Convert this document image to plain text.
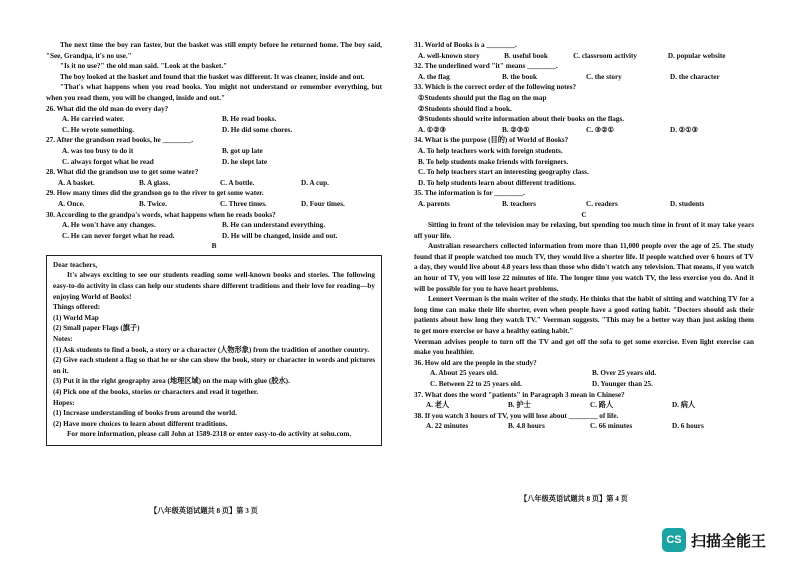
The next time the boy ran faster, but the basket was still empty before he returned home. The boy said, "See, Grandpa, it's no use."

"Is it no use?" the old man said. "Look at the basket."

The boy looked at the basket and found that the basket was different. It was cleaner, inside and out.

"That's what happens when you read books. You might not understand or remember everything, but when you read them, you will be changed, inside and out."

26. What did the old man do every day?

A. He carried water.	B. He read books.
C. He wrote something.	D. He did some chores.

27. After the grandson read books, he ________.

A. was too busy to do it	B. got up late
C. always forgot what he read	D. he slept late

28. What did the grandson use to get some water?

A. A basket.	B. A glass.	C. A bottle.	D. A cup.

29. How many times did the grandson go to the river to get some water.

A. Once.	B. Twice.	C. Three times.	D. Four times.

30. According to the grandpa's words, what happens when he reads books?

A. He won't have any changes.	B. He can understand everything.
C. He can never forget what he read.	D. He will be changed, inside and out.

B

Dear teachers,

It's always exciting to see our students reading some well-known books and stories. The following easy-to-do activity in class can help our students share different traditions and their love for reading—by enjoying World of Books!

Things offered:

(1) World Map

(2) Small paper Flags (旗子)

Notes:

(1) Ask students to find a book, a story or a character (人物形象) from the tradition of another country.

(2) Give each student a flag so that he or she can show the book, story or character in words and pictures on it.

(3) Put it in the right geography area (地理区域) on the map with glue (胶水).

(4) Pick one of the books, stories or characters and read it together.

Hopes:

(1) Increase understanding of books from around the world.

(2) Have more choices to learn about different traditions.

For more information, please call John at 1589-2318 or enter easy-to-do activity at sohu.com.

【八年级英语试题共 8 页】第 3 页

31. World of Books is a ________.

A. well-known story	B. useful book	C. classroom activity	D. popular website

32. The underlined word "it" means ________.

A. the flag	B. the book	C. the story	D. the character

33. Which is the correct order of the following notes?

①Students should put the flag on the map

②Students should find a book.

③Students should write information about their books on the flags.

A. ①②③	B. ②③①	C. ③②①	D. ②①③

34. What is the purpose (目的) of World of Books?

A. To help teachers work with foreign students.

B. To help students make friends with foreigners.

C. To help teachers start an interesting geography class.

D. To help students learn about different traditions.

35. The information is for ________.

A. parents	B. teachers	C. readers	D. students

C

Sitting in front of the television may be relaxing, but spending too much time in front of it may take years off your life.

Australian researchers collected information from more than 11,000 people over the age of 25. The study found that if people watched too much TV, they would live a shorter life. If people watched over 6 hours of TV a day, they would live about 4.8 years less than those who didn't watch any television. That means, if you watch an hour of TV, you will lose 22 minutes of life. The longer time you watch TV, the less exercise you do. And it will be possible for you to have heart problems.

Lennert Veerman is the main writer of the study. He thinks that the habit of sitting and watching TV for a long time can make their life shorter, even when people have a good eating habit. "Doctors should ask their patients about how long they watch TV." Veerman suggests. "This may be a better way than just asking them to get more exercise or have a healthy eating habit."

Veerman advises people to turn off the TV and get off the sofa to get some exercise. Even light exercise can make you healthier.

36. How old are the people in the study?

A. About 25 years old.	B. Over 25 years old.
C. Between 22 to 25 years old.	D. Younger than 25.

37. What does the word "patients" in Paragraph 3 mean in Chinese?

A. 老人	B. 护士	C. 路人	D. 病人

38. If you watch 3 hours of TV, you will lose about ________ of life.

A. 22 minutes	B. 4.8 hours	C. 66 minutes	D. 6 hours
【八年级英语试题共 8 页】第 4 页
CS 扫描全能王
